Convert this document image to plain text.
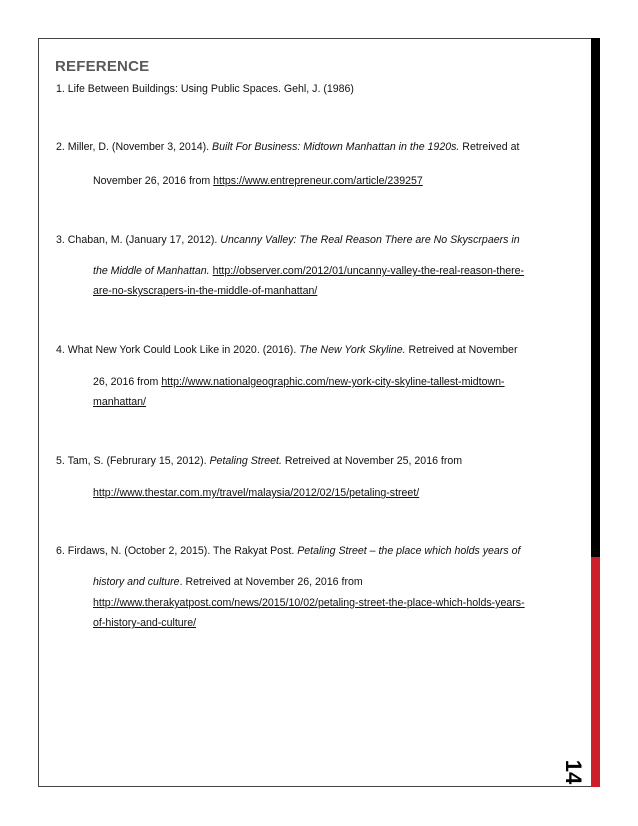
14
REFERENCE
1. Life Between Buildings: Using Public Spaces. Gehl, J. (1986)
2. Miller, D. (November 3, 2014). Built For Business: Midtown Manhattan in the 1920s. Retreived at
November 26, 2016 from https://www.entrepreneur.com/article/239257
3. Chaban, M. (January 17, 2012). Uncanny Valley: The Real Reason There are No Skyscrpaers in
the Middle of Manhattan. http://observer.com/2012/01/uncanny-valley-the-real-reason-there-
are-no-skyscrapers-in-the-middle-of-manhattan/
4. What New York Could Look Like in 2020. (2016). The New York Skyline. Retreived at November
26, 2016 from http://www.nationalgeographic.com/new-york-city-skyline-tallest-midtown-
manhattan/
5. Tam, S. (Februrary 15, 2012). Petaling Street. Retreived at November 25, 2016 from
http://www.thestar.com.my/travel/malaysia/2012/02/15/petaling-street/
6. Firdaws, N. (October 2, 2015). The Rakyat Post. Petaling Street – the place which holds years of
history and culture. Retreived at November 26, 2016 from
http://www.therakyatpost.com/news/2015/10/02/petaling-street-the-place-which-holds-years-
of-history-and-culture/
